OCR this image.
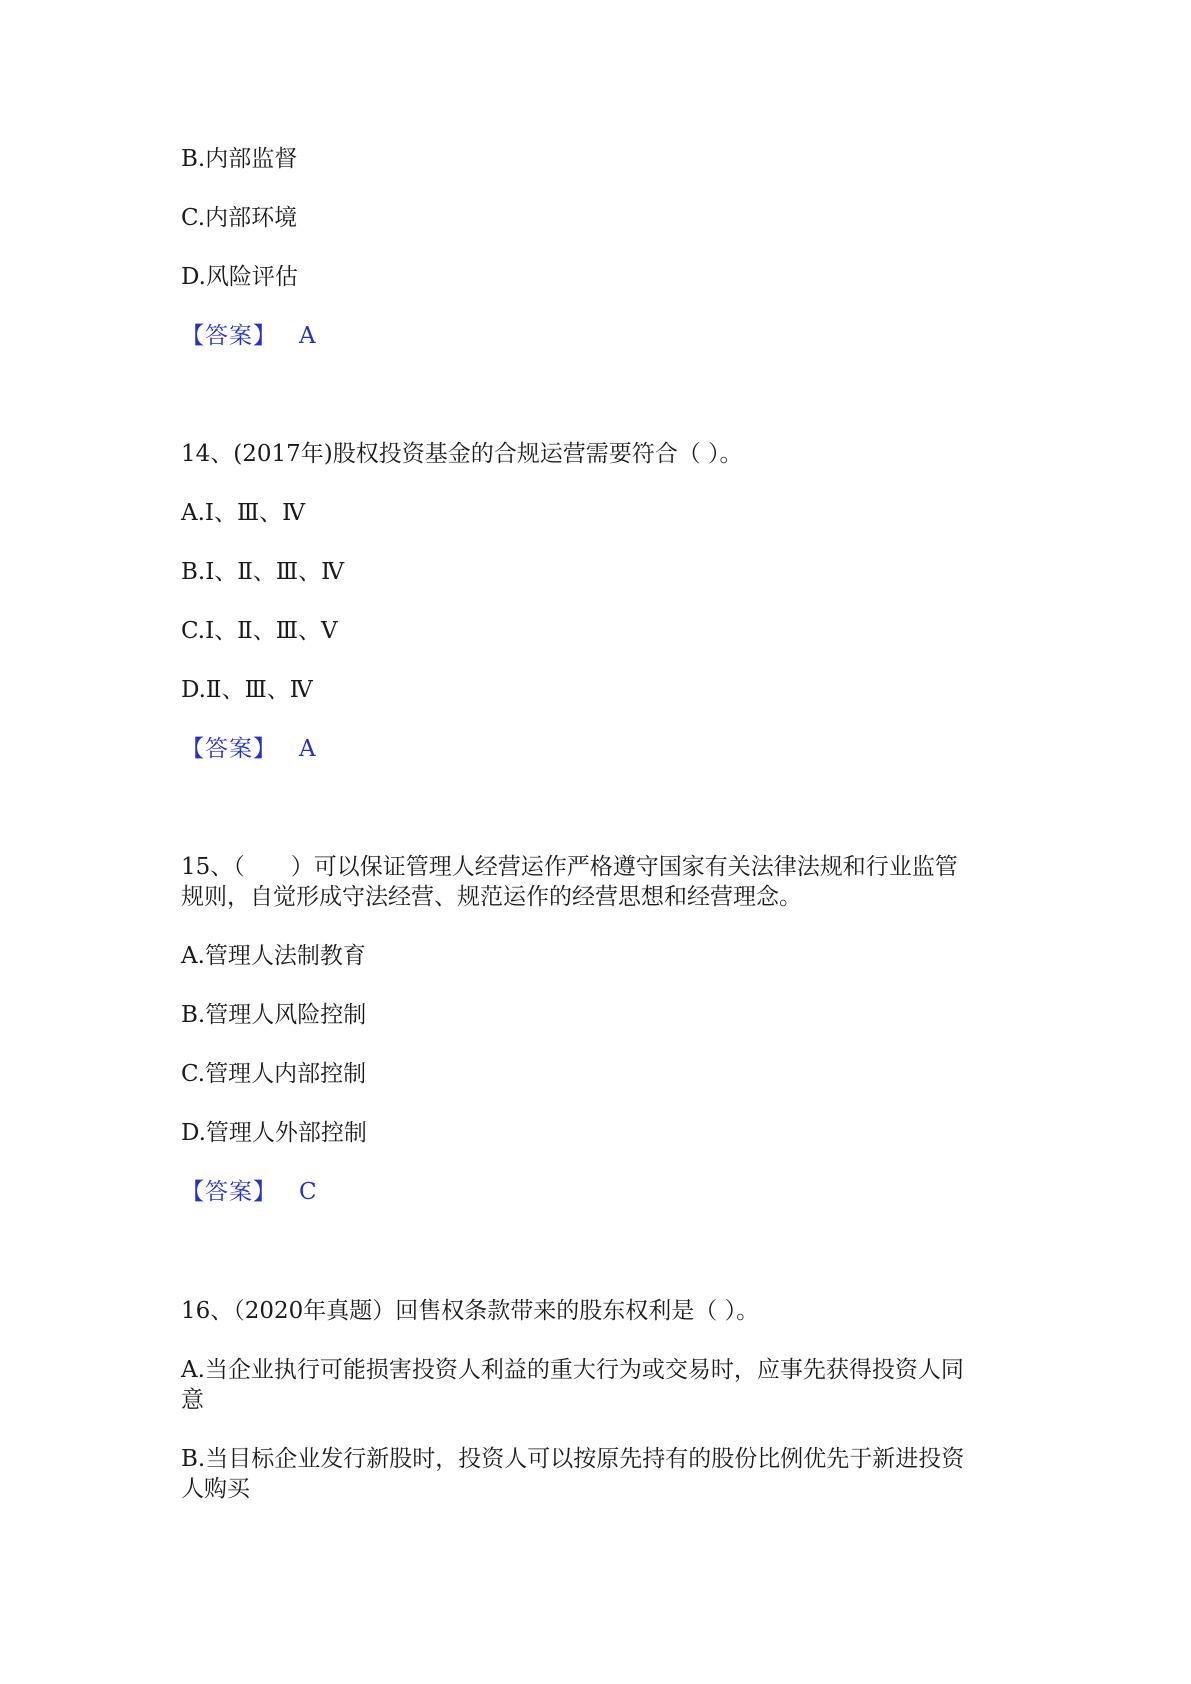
B.内部监督
C.内部环境
D.风险评估
【答案】 A
14、(2017年)股权投资基金的合规运营需要符合（ ）。
A.Ⅰ、Ⅲ、Ⅳ
B.Ⅰ、Ⅱ、Ⅲ、Ⅳ
C.Ⅰ、Ⅱ、Ⅲ、Ⅴ
D.Ⅱ、Ⅲ、Ⅳ
【答案】 A
15、（　　）可以保证管理人经营运作严格遵守国家有关法律法规和行业监管
规则，自觉形成守法经营、规范运作的经营思想和经营理念。
A.管理人法制教育
B.管理人风险控制
C.管理人内部控制
D.管理人外部控制
【答案】 C
16、（2020年真题）回售权条款带来的股东权利是（ ）。
A.当企业执行可能损害投资人利益的重大行为或交易时，应事先获得投资人同
意
B.当目标企业发行新股时，投资人可以按原先持有的股份比例优先于新进投资
人购买
